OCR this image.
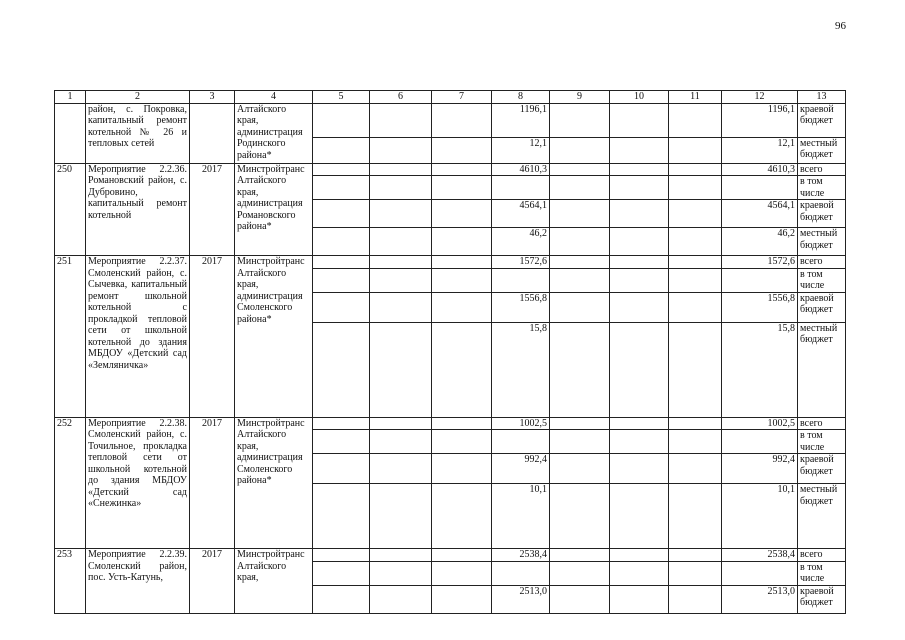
96
1	2	3	4	5	6	7	8	9	10	11	12	13
	район, с. Покровка, капитальный ремонт котельной № 26 и тепловых сетей		Алтайского края, администрация Родинского района*				1196,1				1196,1	краевой бюджет
							12,1				12,1	местный бюджет
250	Мероприятие 2.2.36. Романовский район, с. Дубровино, капитальный ремонт котельной	2017	Минстройтранс Алтайского края, администрация Романовского района*				4610,3				4610,3	всего
												в том числе
							4564,1				4564,1	краевой бюджет
							46,2				46,2	местный бюджет
251	Мероприятие 2.2.37. Смоленский район, с. Сычевка, капитальный ремонт школьной котельной с прокладкой тепловой сети от школьной котельной до здания МБДОУ «Детский сад «Земляничка»	2017	Минстройтранс Алтайского края, администрация Смоленского района*				1572,6				1572,6	всего
												в том числе
							1556,8				1556,8	краевой бюджет
							15,8				15,8	местный бюджет
252	Мероприятие 2.2.38. Смоленский район, с. Точильное, прокладка тепловой сети от школьной котельной до здания МБДОУ «Детский сад «Снежинка»	2017	Минстройтранс Алтайского края, администрация Смоленского района*				1002,5				1002,5	всего
												в том числе
							992,4				992,4	краевой бюджет
							10,1				10,1	местный бюджет
253	Мероприятие 2.2.39. Смоленский район, пос. Усть-Катунь,	2017	Минстройтранс Алтайского края,				2538,4				2538,4	всего
												в том числе
							2513,0				2513,0	краевой бюджет
